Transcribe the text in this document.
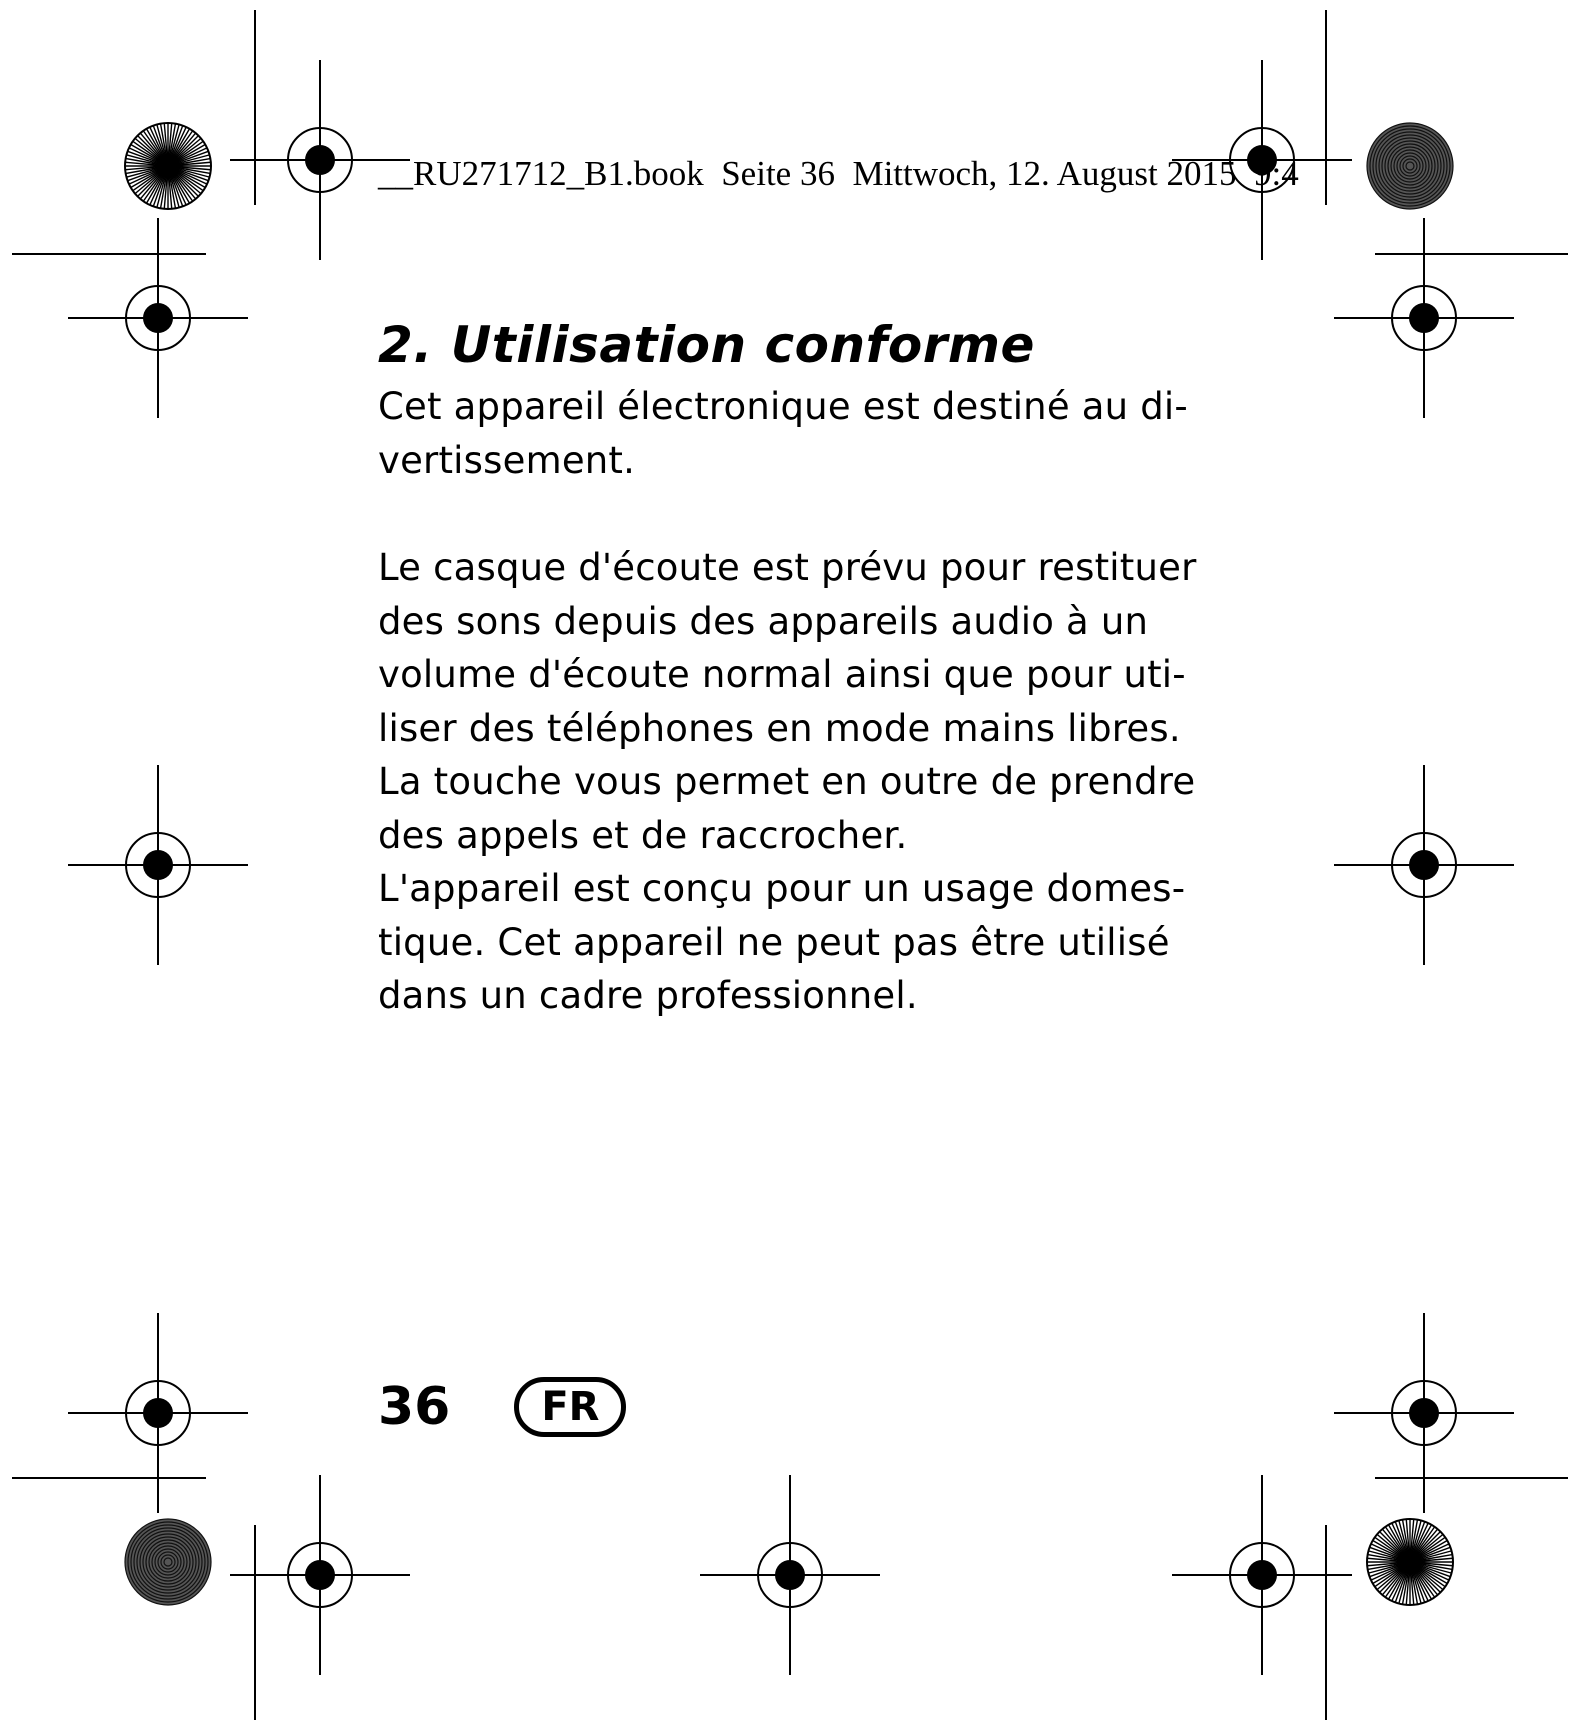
__RU271712_B1.book  Seite 36  Mittwoch, 12. August 2015  9:4
2. Utilisation conforme

Cet appareil électronique est destiné au di-
vertissement.

Le casque d'écoute est prévu pour restituer
des sons depuis des appareils audio à un
volume d'écoute normal ainsi que pour uti-
liser des téléphones en mode mains libres.

La touche vous permet en outre de prendre
des appels et de raccrocher.

L'appareil est conçu pour un usage domes-
tique. Cet appareil ne peut pas être utilisé
dans un cadre professionnel.

36	FR
